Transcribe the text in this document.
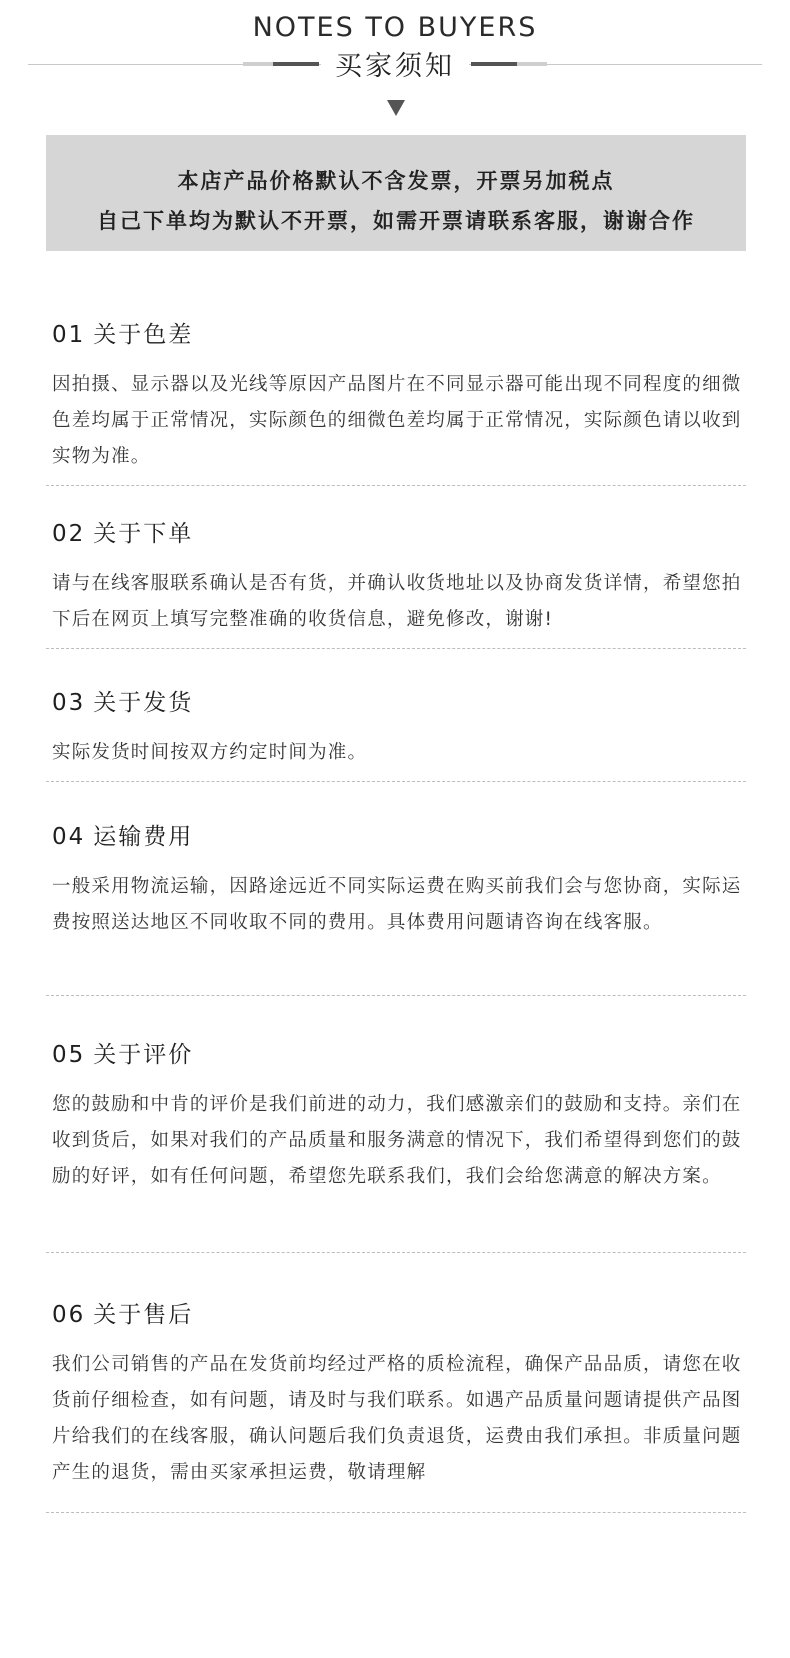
NOTES TO BUYERS
买家须知
本店产品价格默认不含发票，开票另加税点
自己下单均为默认不开票，如需开票请联系客服，谢谢合作
01 关于色差

因拍摄、显示器以及光线等原因产品图片在不同显示器可能出现不同程度的细微色差均属于正常情况，实际颜色的细微色差均属于正常情况，实际颜色请以收到实物为准。

02 关于下单

请与在线客服联系确认是否有货，并确认收货地址以及协商发货详情，希望您拍下后在网页上填写完整准确的收货信息，避免修改，谢谢!

03 关于发货

实际发货时间按双方约定时间为准。

04 运输费用

一般采用物流运输，因路途远近不同实际运费在购买前我们会与您协商，实际运费按照送达地区不同收取不同的费用。具体费用问题请咨询在线客服。

05 关于评价

您的鼓励和中肯的评价是我们前进的动力，我们感激亲们的鼓励和支持。亲们在收到货后，如果对我们的产品质量和服务满意的情况下，我们希望得到您们的鼓励的好评，如有任何问题，希望您先联系我们，我们会给您满意的解决方案。

06 关于售后

我们公司销售的产品在发货前均经过严格的质检流程，确保产品品质，请您在收货前仔细检查，如有问题，请及时与我们联系。如遇产品质量问题请提供产品图片给我们的在线客服，确认问题后我们负责退货，运费由我们承担。非质量问题产生的退货，需由买家承担运费，敬请理解
